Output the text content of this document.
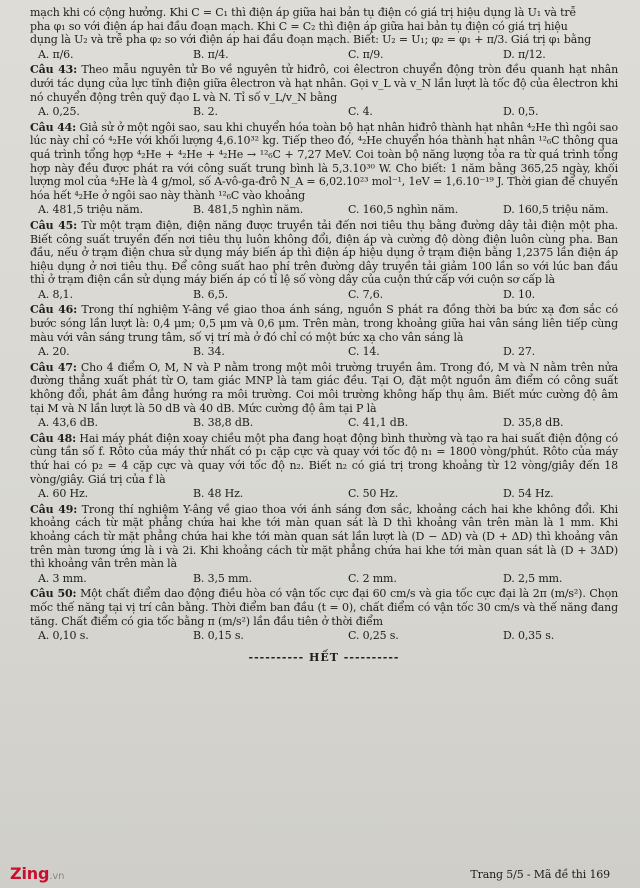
mạch khi có cộng hưởng. Khi C = C₁ thì điện áp giữa hai bản tụ điện có giá trị hiệu dụng là U₁ và trễ

pha φ₁ so với điện áp hai đầu đoạn mạch. Khi C = C₂ thì điện áp giữa hai bản tụ điện có giá trị hiệu

dụng là U₂ và trễ pha φ₂ so với điện áp hai đầu đoạn mạch. Biết: U₂ = U₁; φ₂ = φ₁ + π/3. Giá trị φ₁ bằng

A. π/6.	B. π/4.	C. π/9.	D. π/12.

Câu 43: Theo mẫu nguyên tử Bo về nguyên tử hiđrô, coi êlectron chuyển động tròn đều quanh hạt nhân dưới tác dụng của lực tĩnh điện giữa êlectron và hạt nhân. Gọi v_L và v_N lần lượt là tốc độ của êlectron khi nó chuyển động trên quỹ đạo L và N. Tỉ số v_L/v_N bằng

A. 0,25.	B. 2.	C. 4.	D. 0,5.

Câu 44: Giả sử ở một ngôi sao, sau khi chuyển hóa toàn bộ hạt nhân hiđrô thành hạt nhân ⁴₂He thì ngôi sao lúc này chỉ có ⁴₂He với khối lượng 4,6.10³² kg. Tiếp theo đó, ⁴₂He chuyển hóa thành hạt nhân ¹²₆C thông qua quá trình tổng hợp ⁴₂He + ⁴₂He + ⁴₂He → ¹²₆C + 7,27 MeV. Coi toàn bộ năng lượng tỏa ra từ quá trình tổng hợp này đều được phát ra với công suất trung bình là 5,3.10³⁰ W. Cho biết: 1 năm bằng 365,25 ngày, khối lượng mol của ⁴₂He là 4 g/mol, số A-vô-ga-đrô N_A = 6,02.10²³ mol⁻¹, 1eV = 1,6.10⁻¹⁹ J. Thời gian để chuyển hóa hết ⁴₂He ở ngôi sao này thành ¹²₆C vào khoảng

A. 481,5 triệu năm.	B. 481,5 nghìn năm.	C. 160,5 nghìn năm.	D. 160,5 triệu năm.

Câu 45: Từ một trạm điện, điện năng được truyền tải đến nơi tiêu thụ bằng đường dây tải điện một pha. Biết công suất truyền đến nơi tiêu thụ luôn không đổi, điện áp và cường độ dòng điện luôn cùng pha. Ban đầu, nếu ở trạm điện chưa sử dụng máy biến áp thì điện áp hiệu dụng ở trạm điện bằng 1,2375 lần điện áp hiệu dụng ở nơi tiêu thụ. Để công suất hao phí trên đường dây truyền tải giảm 100 lần so với lúc ban đầu thì ở trạm điện cần sử dụng máy biến áp có tỉ lệ số vòng dây của cuộn thứ cấp với cuộn sơ cấp là

A. 8,1.	B. 6,5.	C. 7,6.	D. 10.

Câu 46: Trong thí nghiệm Y-âng về giao thoa ánh sáng, nguồn S phát ra đồng thời ba bức xạ đơn sắc có bước sóng lần lượt là: 0,4 μm; 0,5 μm và 0,6 μm. Trên màn, trong khoảng giữa hai vân sáng liên tiếp cùng màu với vân sáng trung tâm, số vị trí mà ở đó chỉ có một bức xạ cho vân sáng là

A. 20.	B. 34.	C. 14.	D. 27.

Câu 47: Cho 4 điểm O, M, N và P nằm trong một môi trường truyền âm. Trong đó, M và N nằm trên nửa đường thẳng xuất phát từ O, tam giác MNP là tam giác đều. Tại O, đặt một nguồn âm điểm có công suất không đổi, phát âm đẳng hướng ra môi trường. Coi môi trường không hấp thụ âm. Biết mức cường độ âm tại M và N lần lượt là 50 dB và 40 dB. Mức cường độ âm tại P là

A. 43,6 dB.	B. 38,8 dB.	C. 41,1 dB.	D. 35,8 dB.

Câu 48: Hai máy phát điện xoay chiều một pha đang hoạt động bình thường và tạo ra hai suất điện động có cùng tần số f. Rôto của máy thứ nhất có p₁ cặp cực và quay với tốc độ n₁ = 1800 vòng/phút. Rôto của máy thứ hai có p₂ = 4 cặp cực và quay với tốc độ n₂. Biết n₂ có giá trị trong khoảng từ 12 vòng/giây đến 18 vòng/giây. Giá trị của f là

A. 60 Hz.	B. 48 Hz.	C. 50 Hz.	D. 54 Hz.

Câu 49: Trong thí nghiệm Y-âng về giao thoa với ánh sáng đơn sắc, khoảng cách hai khe không đổi. Khi khoảng cách từ mặt phẳng chứa hai khe tới màn quan sát là D thì khoảng vân trên màn là 1 mm. Khi khoảng cách từ mặt phẳng chứa hai khe tới màn quan sát lần lượt là (D − ΔD) và (D + ΔD) thì khoảng vân trên màn tương ứng là i và 2i. Khi khoảng cách từ mặt phẳng chứa hai khe tới màn quan sát là (D + 3ΔD) thì khoảng vân trên màn là

A. 3 mm.	B. 3,5 mm.	C. 2 mm.	D. 2,5 mm.

Câu 50: Một chất điểm dao động điều hòa có vận tốc cực đại 60 cm/s và gia tốc cực đại là 2π (m/s²). Chọn mốc thế năng tại vị trí cân bằng. Thời điểm ban đầu (t = 0), chất điểm có vận tốc 30 cm/s và thế năng đang tăng. Chất điểm có gia tốc bằng π (m/s²) lần đầu tiên ở thời điểm

A. 0,10 s.	B. 0,15 s.	C. 0,25 s.	D. 0,35 s.
---------- HẾT ----------
Zing.vn	Trang 5/5 - Mã đề thi 169
